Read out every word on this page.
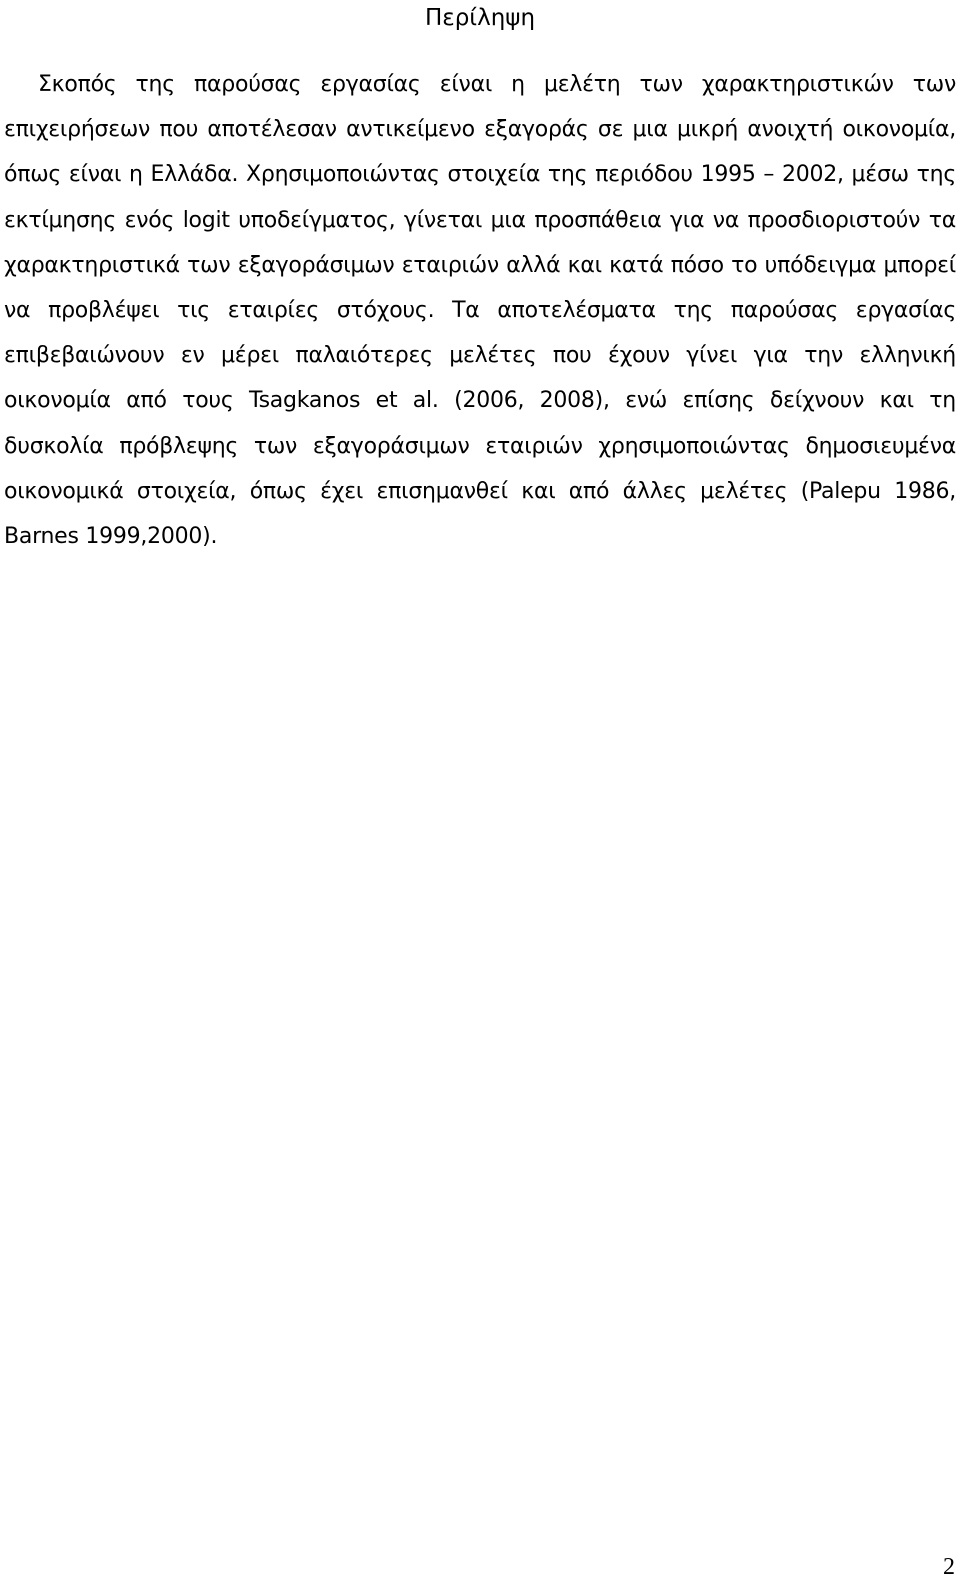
Περίληψη

Σκοπός της παρούσας εργασίας είναι η μελέτη των χαρακτηριστικών των επιχειρήσεων που αποτέλεσαν αντικείμενο εξαγοράς σε μια μικρή ανοιχτή οικονομία, όπως είναι η Ελλάδα. Χρησιμοποιώντας στοιχεία της περιόδου 1995 – 2002, μέσω της εκτίμησης ενός logit υποδείγματος, γίνεται μια προσπάθεια για να προσδιοριστούν τα χαρακτηριστικά των εξαγοράσιμων εταιριών αλλά και κατά πόσο το υπόδειγμα μπορεί να προβλέψει τις εταιρίες στόχους. Τα αποτελέσματα της παρούσας εργασίας επιβεβαιώνουν εν μέρει παλαιότερες μελέτες που έχουν γίνει για την ελληνική οικονομία από τους Tsagkanos et al. (2006, 2008), ενώ επίσης δείχνουν και τη δυσκολία πρόβλεψης των εξαγοράσιμων εταιριών χρησιμοποιώντας δημοσιευμένα οικονομικά στοιχεία, όπως έχει επισημανθεί και από άλλες μελέτες (Palepu 1986, Barnes 1999,2000).

2
